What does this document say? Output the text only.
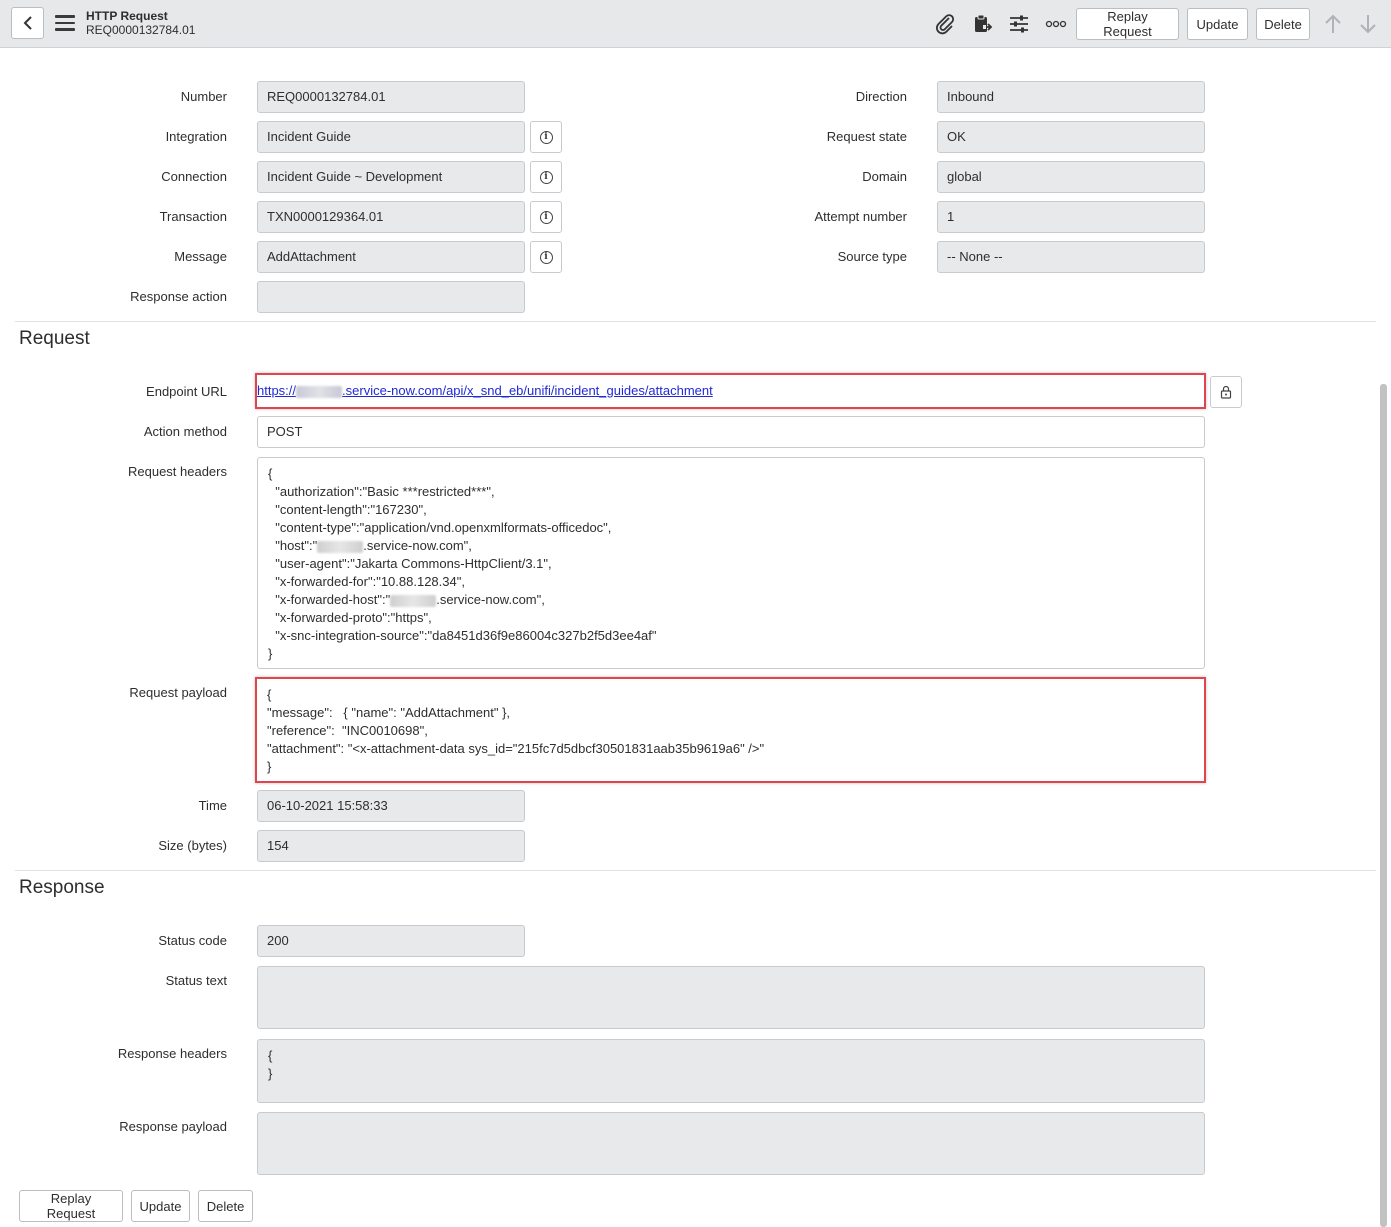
HTTP Request
REQ0000132784.01
Replay Request	Update	Delete
Number	REQ0000132784.01
Integration	Incident Guide	i
Connection	Incident Guide ~ Development	i
Transaction	TXN0000129364.01	i
Message	AddAttachment	i
Response action
Direction	Inbound
Request state	OK
Domain	global
Attempt number	1
Source type	-- None --
Request
Endpoint URL https://	.service-now.com/api/x_snd_eb/unifi/incident_guides/attachment
Action method	POST
Request headers	{
"authorization":"Basic ***restricted***",
"content-length":"167230",
"content-type":"application/vnd.openxmlformats-officedoc",
"host":"	.service-now.com",
"user-agent":"Jakarta Commons-HttpClient/3.1",
"x-forwarded-for":"10.88.128.34",
"x-forwarded-host":"	.service-now.com",
"x-forwarded-proto":"https",
"x-snc-integration-source":"da8451d36f9e86004c327b2f5d3ee4af"
}
Request payload	{
"message":   { "name": "AddAttachment" },
"reference":  "INC0010698",
"attachment": "<x-attachment-data sys_id="215fc7d5dbcf30501831aab35b9619a6" />"
}
Time	06-10-2021 15:58:33
Size (bytes)	154
Response
Status code	200
Status text
Response headers	{
}
Response payload
Replay Request	Update	Delete
